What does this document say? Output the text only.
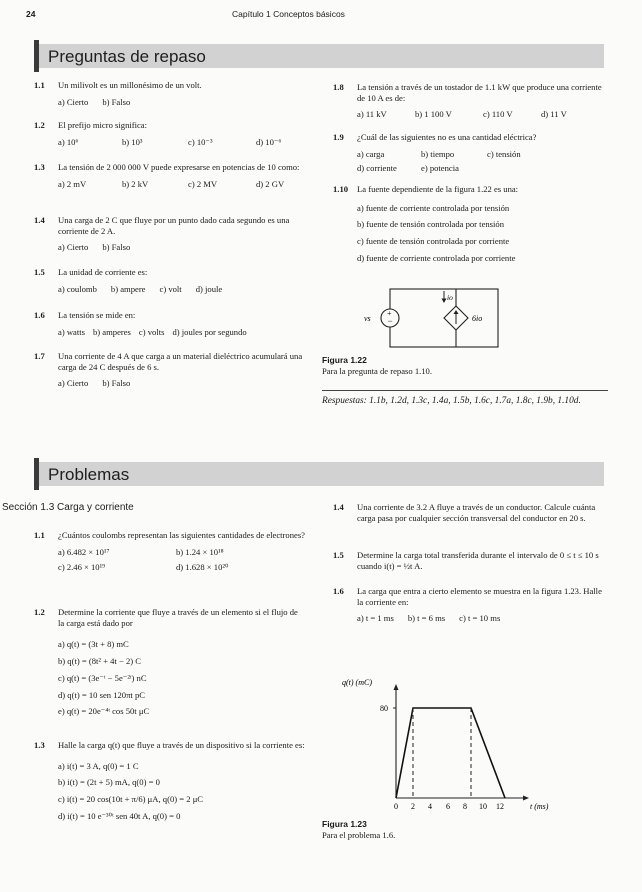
24	Capítulo 1 Conceptos básicos
Preguntas de repaso
1.1 Un milivolt es un millonésimo de un volt.
a) Cierto b) Falso
1.2 El prefijo micro significa:
a) 10⁶	b) 10³	c) 10⁻³	d) 10⁻⁶
1.3 La tensión de 2 000 000 V puede expresarse en potencias de 10 como:
a) 2 mV	b) 2 kV	c) 2 MV	d) 2 GV
1.4 Una carga de 2 C que fluye por un punto dado cada segundo es una corriente de 2 A.
a) Cierto b) Falso
1.5 La unidad de corriente es:
a) coulomb b) ampere c) volt d) joule
1.6 La tensión se mide en:
a) watts b) amperes c) volts d) joules por segundo
1.7 Una corriente de 4 A que carga a un material dieléctrico acumulará una carga de 24 C después de 6 s.
a) Cierto b) Falso
1.8 La tensión a través de un tostador de 1.1 kW que produce una corriente de 10 A es de:
a) 11 kV	b) 1 100 V	c) 110 V	d) 11 V
1.9 ¿Cuál de las siguientes no es una cantidad eléctrica?
a) carga	b) tiempo	c) tensión
d) corriente	e) potencia
1.10 La fuente dependiente de la figura 1.22 es una:
a) fuente de corriente controlada por tensión
b) fuente de tensión controlada por tensión
c) fuente de tensión controlada por corriente
d) fuente de corriente controlada por corriente
+
−
vs	6io
io
Figura 1.22
Para la pregunta de repaso 1.10.
Respuestas: 1.1b, 1.2d, 1.3c, 1.4a, 1.5b, 1.6c, 1.7a, 1.8c, 1.9b, 1.10d.
Problemas
Sección 1.3 Carga y corriente
1.1 ¿Cuántos coulombs representan las siguientes cantidades de electrones?
a) 6.482 × 10¹⁷	b) 1.24 × 10¹⁸
c) 2.46 × 10¹⁹	d) 1.628 × 10²⁰
1.2 Determine la corriente que fluye a través de un elemento si el flujo de la carga está dado por
a) q(t) = (3t + 8) mC
b) q(t) = (8t² + 4t − 2) C
c) q(t) = (3e⁻ᵗ − 5e⁻²ᵗ) nC
d) q(t) = 10 sen 120πt pC
e) q(t) = 20e⁻⁴ᵗ cos 50t μC
1.3 Halle la carga q(t) que fluye a través de un dispositivo si la corriente es:
a) i(t) = 3 A, q(0) = 1 C
b) i(t) = (2t + 5) mA, q(0) = 0
c) i(t) = 20 cos(10t + π/6) μA, q(0) = 2 μC
d) i(t) = 10 e⁻³⁰ᵗ sen 40t A, q(0) = 0
1.4 Una corriente de 3.2 A fluye a través de un conductor. Calcule cuánta carga pasa por cualquier sección transversal del conductor en 20 s.
1.5 Determine la carga total transferida durante el intervalo de 0 ≤ t ≤ 10 s cuando i(t) = ½t A.
1.6 La carga que entra a cierto elemento se muestra en la figura 1.23. Halle la corriente en:
a) t = 1 ms b) t = 6 ms c) t = 10 ms
q(t) (mC)
80
0 2 4 6 8 10 12	t (ms)
Figura 1.23
Para el problema 1.6.
